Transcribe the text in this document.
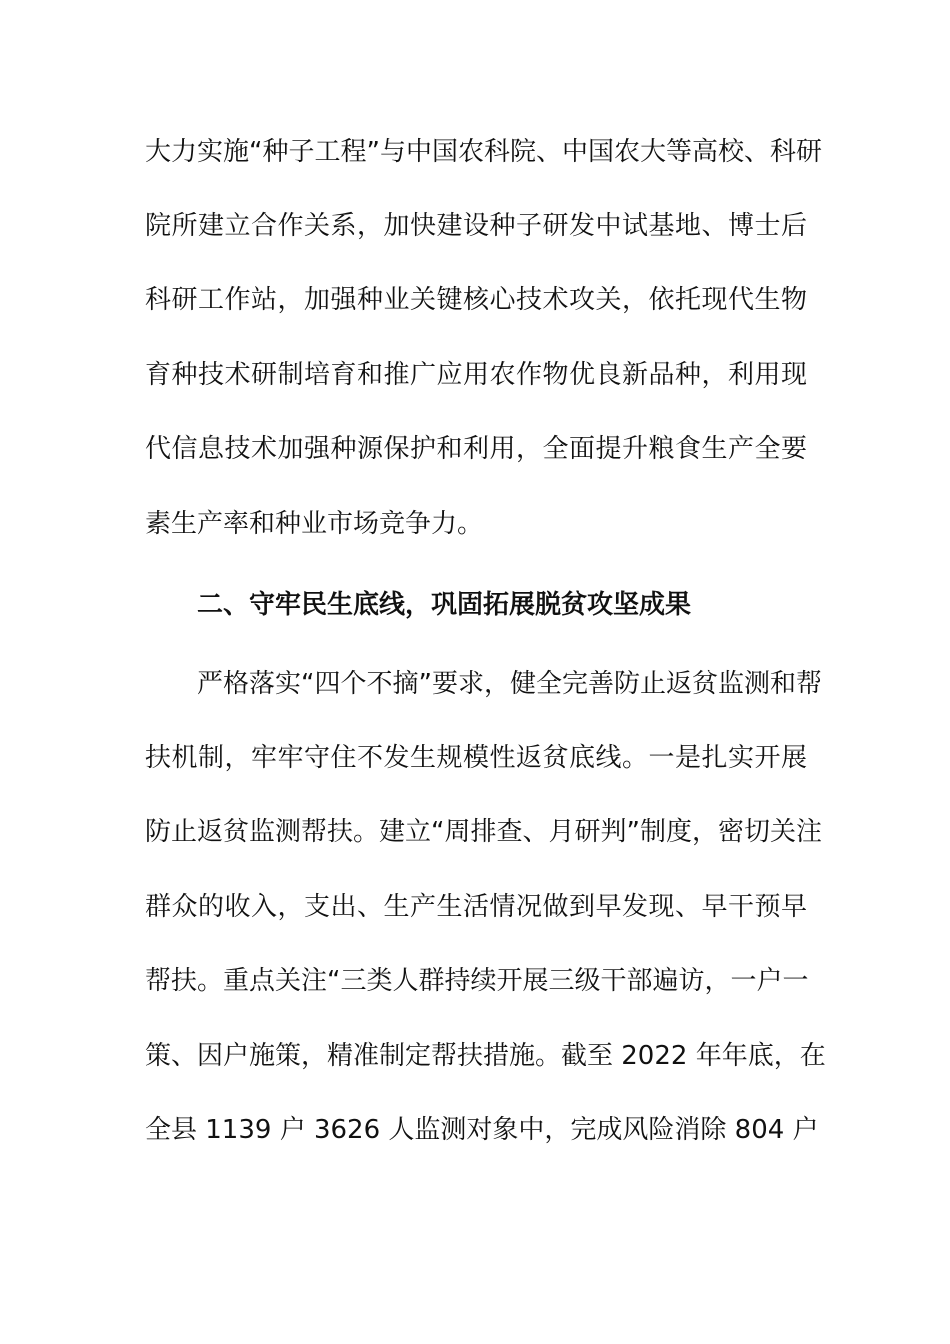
大力实施“种子工程”与中国农科院、中国农大等高校、科研
院所建立合作关系，加快建设种子研发中试基地、博士后
科研工作站，加强种业关键核心技术攻关，依托现代生物
育种技术研制培育和推广应用农作物优良新品种，利用现
代信息技术加强种源保护和利用，全面提升粮食生产全要
素生产率和种业市场竞争力。
二、守牢民生底线，巩固拓展脱贫攻坚成果
严格落实“四个不摘”要求，健全完善防止返贫监测和帮
扶机制，牢牢守住不发生规模性返贫底线。一是扎实开展
防止返贫监测帮扶。建立“周排查、月研判”制度，密切关注
群众的收入，支出、生产生活情况做到早发现、早干预早
帮扶。重点关注“三类人群持续开展三级干部遍访，一户一
策、因户施策，精准制定帮扶措施。截至 2022 年年底，在
全县 1139 户 3626 人监测对象中，完成风险消除 804 户
